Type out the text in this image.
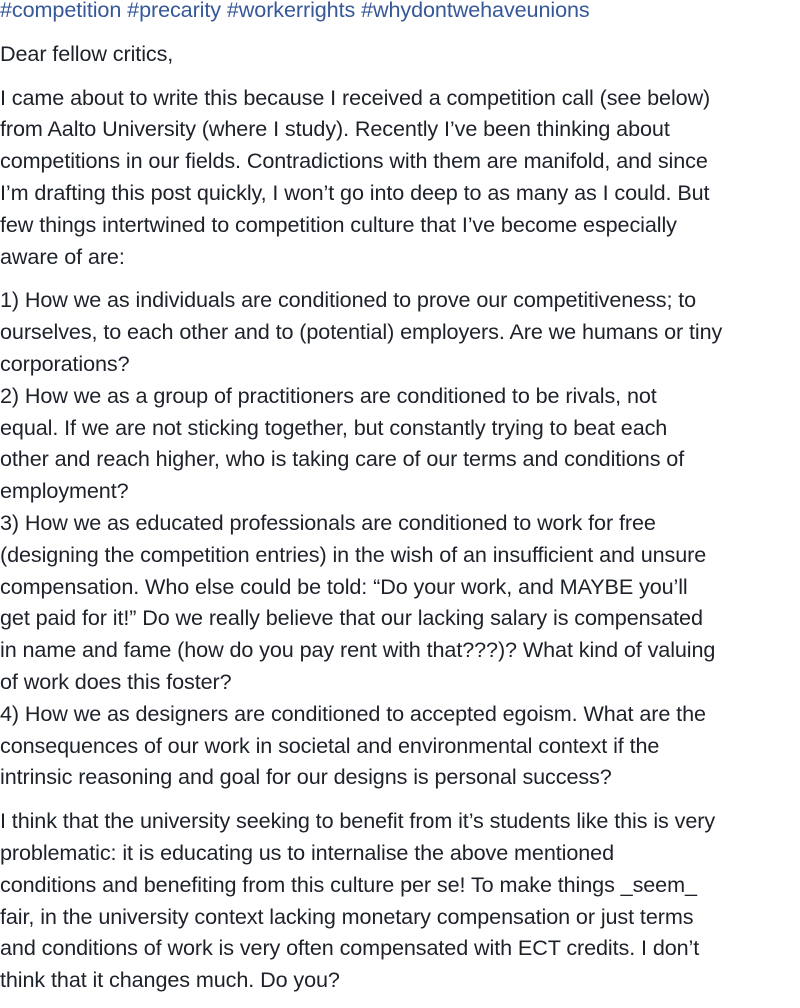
#competition #precarity #workerrights #whydontwehaveunions

Dear fellow critics,

I came about to write this because I received a competition call (see below)
from Aalto University (where I study). Recently I’ve been thinking about
competitions in our fields. Contradictions with them are manifold, and since
I’m drafting this post quickly, I won’t go into deep to as many as I could. But
few things intertwined to competition culture that I’ve become especially
aware of are:
1) How we as individuals are conditioned to prove our competitiveness; to
ourselves, to each other and to (potential) employers. Are we humans or tiny
corporations?
2) How we as a group of practitioners are conditioned to be rivals, not
equal. If we are not sticking together, but constantly trying to beat each
other and reach higher, who is taking care of our terms and conditions of
employment?
3) How we as educated professionals are conditioned to work for free
(designing the competition entries) in the wish of an insufficient and unsure
compensation. Who else could be told: “Do your work, and MAYBE you’ll
get paid for it!” Do we really believe that our lacking salary is compensated
in name and fame (how do you pay rent with that???)? What kind of valuing
of work does this foster?
4) How we as designers are conditioned to accepted egoism. What are the
consequences of our work in societal and environmental context if the
intrinsic reasoning and goal for our designs is personal success?
I think that the university seeking to benefit from it’s students like this is very
problematic: it is educating us to internalise the above mentioned
conditions and benefiting from this culture per se! To make things _seem_
fair, in the university context lacking monetary compensation or just terms
and conditions of work is very often compensated with ECT credits. I don’t
think that it changes much. Do you?
